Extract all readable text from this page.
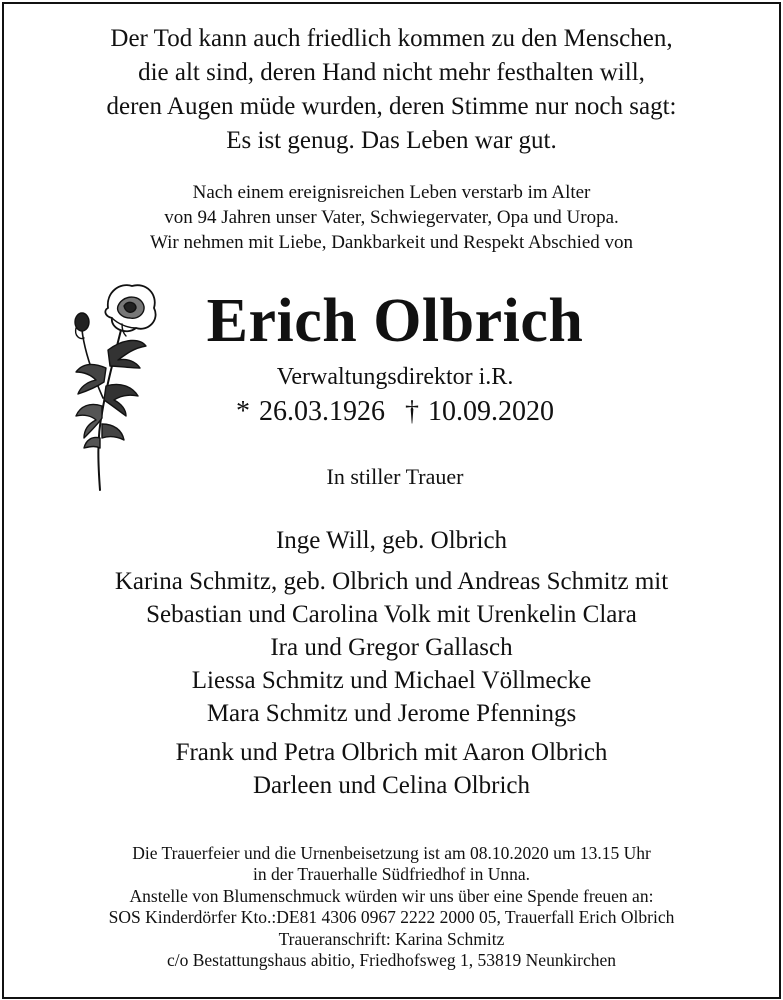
Der Tod kann auch friedlich kommen zu den Menschen,
die alt sind, deren Hand nicht mehr festhalten will,
deren Augen müde wurden, deren Stimme nur noch sagt:
Es ist genug. Das Leben war gut.
Nach einem ereignisreichen Leben verstarb im Alter
von 94 Jahren unser Vater, Schwiegervater, Opa und Uropa.
Wir nehmen mit Liebe, Dankbarkeit und Respekt Abschied von
Erich Olbrich
Verwaltungsdirektor i.R.
* 26.03.1926 † 10.09.2020
In stiller Trauer
Inge Will, geb. Olbrich
Karina Schmitz, geb. Olbrich und Andreas Schmitz mit
Sebastian und Carolina Volk mit Urenkelin Clara
Ira und Gregor Gallasch
Liessa Schmitz und Michael Völlmecke
Mara Schmitz und Jerome Pfennings
Frank und Petra Olbrich mit Aaron Olbrich
Darleen und Celina Olbrich
Die Trauerfeier und die Urnenbeisetzung ist am 08.10.2020 um 13.15 Uhr
in der Trauerhalle Südfriedhof in Unna.
Anstelle von Blumenschmuck würden wir uns über eine Spende freuen an:
SOS Kinderdörfer Kto.:DE81 4306 0967 2222 2000 05, Trauerfall Erich Olbrich
Traueranschrift: Karina Schmitz
c/o Bestattungshaus abitio, Friedhofsweg 1, 53819 Neunkirchen
